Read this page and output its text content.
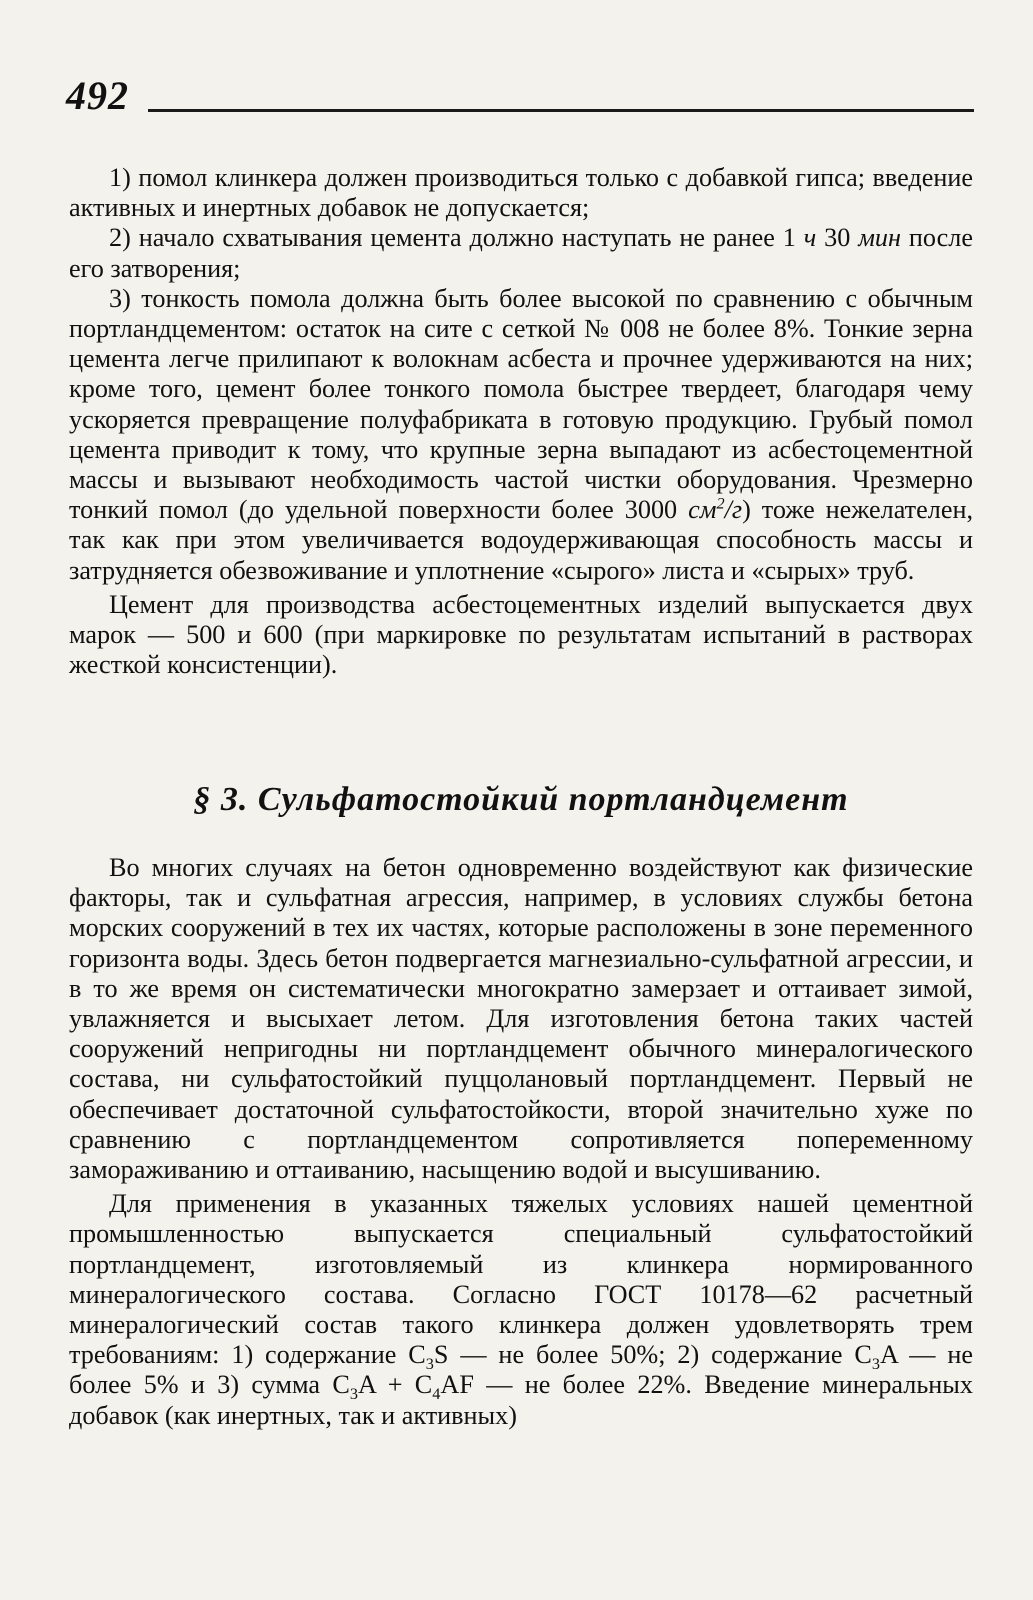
492

1) помол клинкера должен производиться только с добавкой гипса; введение активных и инертных добавок не допускается;

2) начало схватывания цемента должно наступать не ранее 1 ч 30 мин после его затворения;

3) тонкость помола должна быть более высокой по сравнению с обычным портландцементом: остаток на сите с сеткой № 008 не более 8%. Тонкие зерна цемента легче прилипают к волокнам асбеста и прочнее удерживаются на них; кроме того, цемент более тонкого помола быстрее твердеет, благодаря чему ускоряется превращение полуфабриката в готовую продукцию. Грубый помол цемента приводит к тому, что крупные зерна выпадают из асбестоцементной массы и вызывают необходимость частой чистки оборудования. Чрезмерно тонкий помол (до удельной поверхности более 3000 $см^2/г$) тоже нежелателен, так как при этом увеличивается водоудерживающая способность массы и затрудняется обезвоживание и уплотнение «сырого» листа и «сырых» труб.

Цемент для производства асбестоцементных изделий выпускается двух марок — 500 и 600 (при маркировке по результатам испытаний в растворах жесткой консистенции).

§ 3. Сульфатостойкий портландцемент

Во многих случаях на бетон одновременно воздействуют как физические факторы, так и сульфатная агрессия, например, в условиях службы бетона морских сооружений в тех их частях, которые расположены в зоне переменного горизонта воды. Здесь бетон подвергается магнезиально-сульфатной агрессии, и в то же время он систематически многократно замерзает и оттаивает зимой, увлажняется и высыхает летом. Для изготовления бетона таких частей сооружений непригодны ни портландцемент обычного минералогического состава, ни сульфатостойкий пуццолановый портландцемент. Первый не обеспечивает достаточной сульфатостойкости, второй значительно хуже по сравнению с портландцементом сопротивляется попеременному замораживанию и оттаиванию, насыщению водой и высушиванию.

Для применения в указанных тяжелых условиях нашей цементной промышленностью выпускается специальный сульфатостойкий портландцемент, изготовляемый из клинкера нормированного минералогического состава. Согласно ГОСТ 10178—62 расчетный минералогический состав такого клинкера должен удовлетворять трем требованиям: 1) содержание $C_3S$ — не более 50%; 2) содержание $C_3A$ — не более 5% и 3) сумма $C_3A + C_4AF$ — не более 22%. Введение минеральных добавок (как инертных, так и активных)
